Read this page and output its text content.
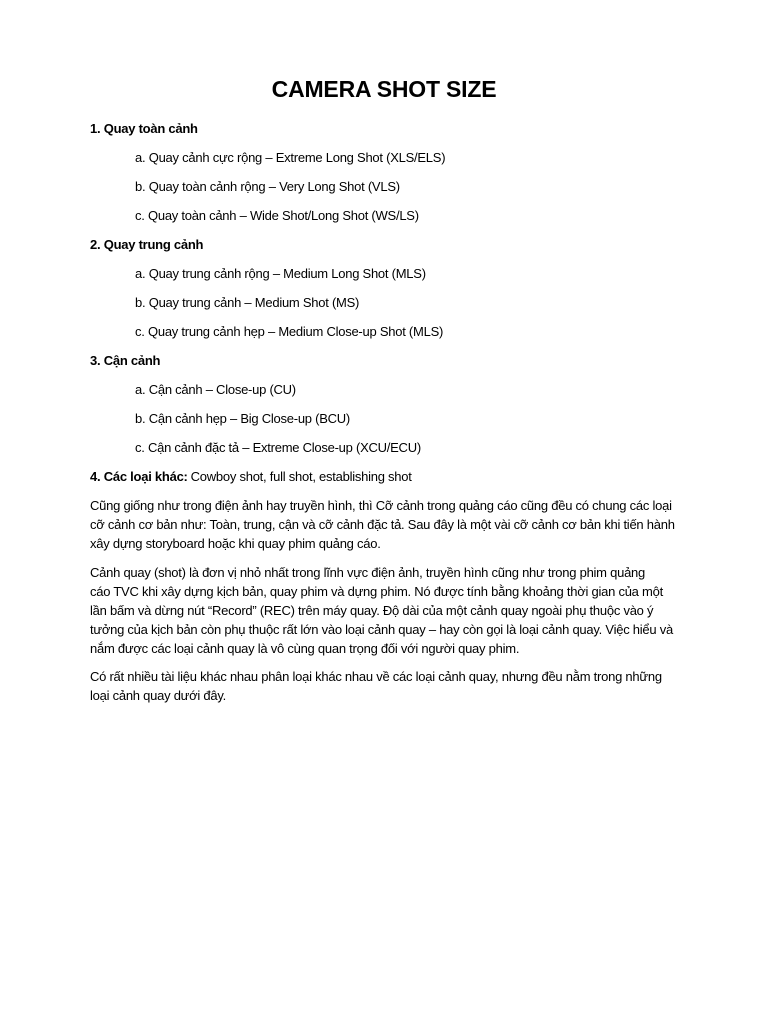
CAMERA SHOT SIZE
1. Quay toàn cảnh
a. Quay cảnh cực rộng – Extreme Long Shot (XLS/ELS)
b. Quay toàn cảnh rộng – Very Long Shot (VLS)
c. Quay toàn cảnh – Wide Shot/Long Shot (WS/LS)
2. Quay trung cảnh
a. Quay trung cảnh rộng – Medium Long Shot (MLS)
b. Quay trung cảnh – Medium Shot (MS)
c. Quay trung cảnh hẹp – Medium Close-up Shot (MLS)
3. Cận cảnh
a. Cận cảnh – Close-up (CU)
b. Cận cảnh hẹp – Big Close-up (BCU)
c. Cận cảnh đặc tả – Extreme Close-up (XCU/ECU)
4. Các loại khác: Cowboy shot, full shot, establishing shot
Cũng giống như trong điện ảnh hay truyền hình, thì Cỡ cảnh trong quảng cáo cũng đều có chung các loại
cỡ cảnh cơ bản như: Toàn, trung, cận và cỡ cảnh đặc tả. Sau đây là một vài cỡ cảnh cơ bản khi tiến hành
xây dựng storyboard hoặc khi quay phim quảng cáo.
Cảnh quay (shot) là đơn vị nhỏ nhất trong lĩnh vực điện ảnh, truyền hình cũng như trong phim quảng
cáo TVC khi xây dựng kịch bản, quay phim và dựng phim. Nó được tính bằng khoảng thời gian của một
lần bấm và dừng nút “Record” (REC) trên máy quay. Độ dài của một cảnh quay ngoài phụ thuộc vào ý
tưởng của kịch bản còn phụ thuộc rất lớn vào loại cảnh quay – hay còn gọi là loại cảnh quay. Việc hiểu và
nắm được các loại cảnh quay là vô cùng quan trọng đối với người quay phim.
Có rất nhiều tài liệu khác nhau phân loại khác nhau về các loại cảnh quay, nhưng đều nằm trong những
loại cảnh quay dưới đây.
